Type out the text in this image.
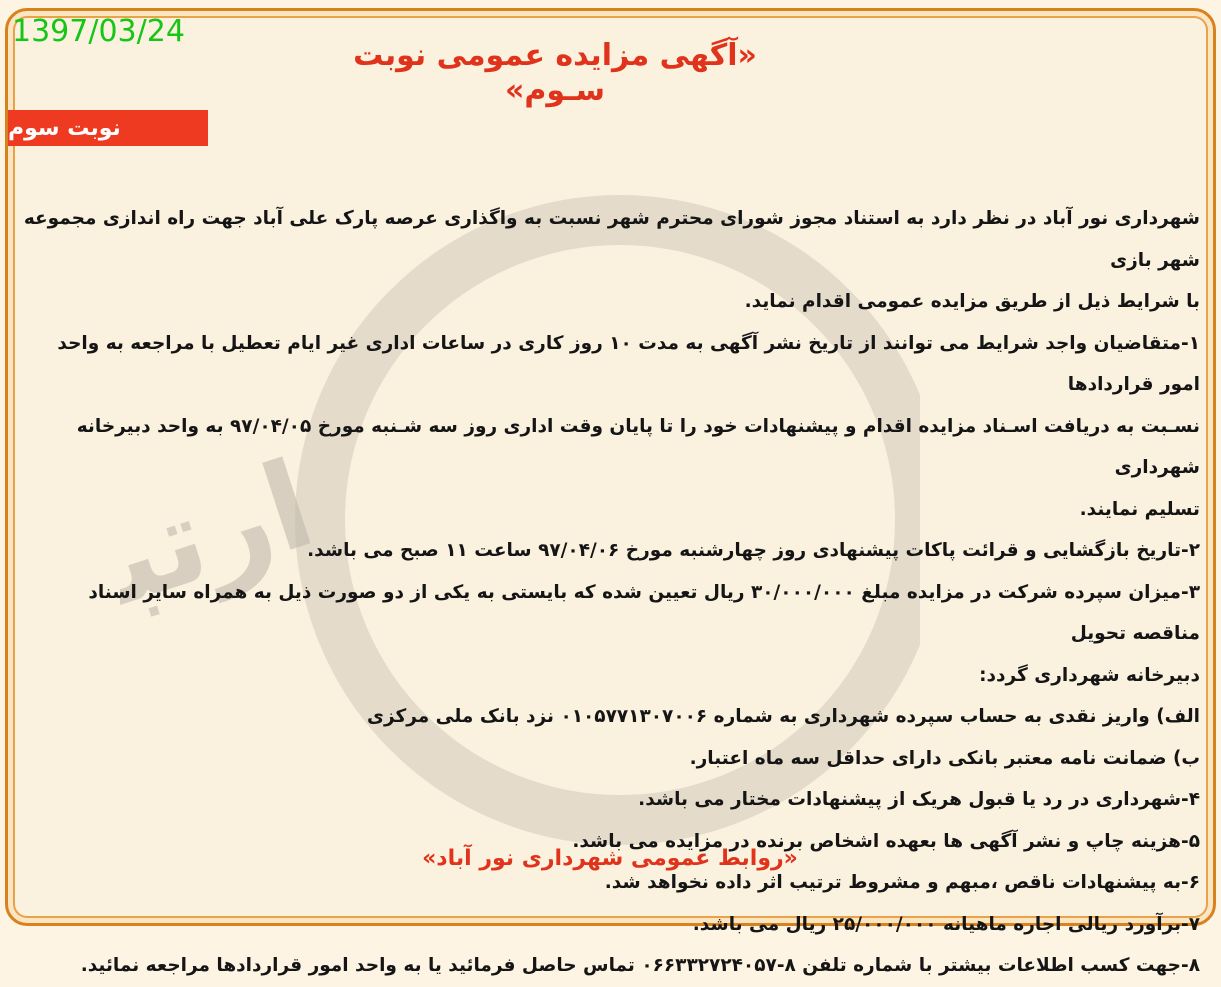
1397/03/24
«آگهی مزایده عمومی نوبت سـوم»
نوبت سوم

شهرداری نور آباد در نظر دارد به استناد مجوز شورای محترم شهر نسبت به واگذاری عرصه پارک علی آباد جهت راه اندازی مجموعه شهر بازی

با شرایط ذیل از طریق مزایده عمومی اقدام نماید.

۱-متقاضیان واجد شرایط می توانند از تاریخ نشر آگهی به مدت ۱۰ روز کاری در ساعات اداری غیر ایام تعطیل با مراجعه به واحد امور قراردادها

نسـبت به دریافت اسـناد مزایده اقدام و پیشنهادات خود را تا پایان وقت اداری روز سه شـنبه مورخ ۹۷/۰۴/۰۵ به واحد دبیرخانه شهرداری

تسلیم نمایند.

۲-تاریخ بازگشایی و قرائت پاکات پیشنهادی روز چهارشنبه مورخ ۹۷/۰۴/۰۶ ساعت ۱۱ صبح می باشد.

۳-میزان سپرده شرکت در مزایده مبلغ ۳۰/۰۰۰/۰۰۰ ریال تعیین شده که بایستی به یکی از دو صورت ذیل به همراه سایر اسناد مناقصه تحویل

دبیرخانه شهرداری گردد:

الف) واریز نقدی به حساب سپرده شهرداری به شماره ۰۱۰۵۷۷۱۳۰۷۰۰۶ نزد بانک ملی مرکزی

ب) ضمانت نامه معتبر بانکی دارای حداقل سه ماه اعتبار.

۴-شهرداری در رد یا قبول هریک از پیشنهادات مختار می باشد.

۵-هزینه چاپ و نشر آگهی ها بعهده اشخاص برنده در مزایده می باشد.

۶-به پیشنهادات ناقص ،مبهم و مشروط ترتیب اثر داده نخواهد شد.

۷-برآورد ریالی اجاره ماهیانه ۲۵/۰۰۰/۰۰۰ ریال می باشد.

۸-جهت کسب اطلاعات بیشتر با شماره تلفن ۸-۰۶۶۳۳۲۷۲۴۰۵۷ تماس حاصل فرمائید یا به واحد امور قراردادها مراجعه نمائید.

«روابط عمومی شهرداری نور آباد»
